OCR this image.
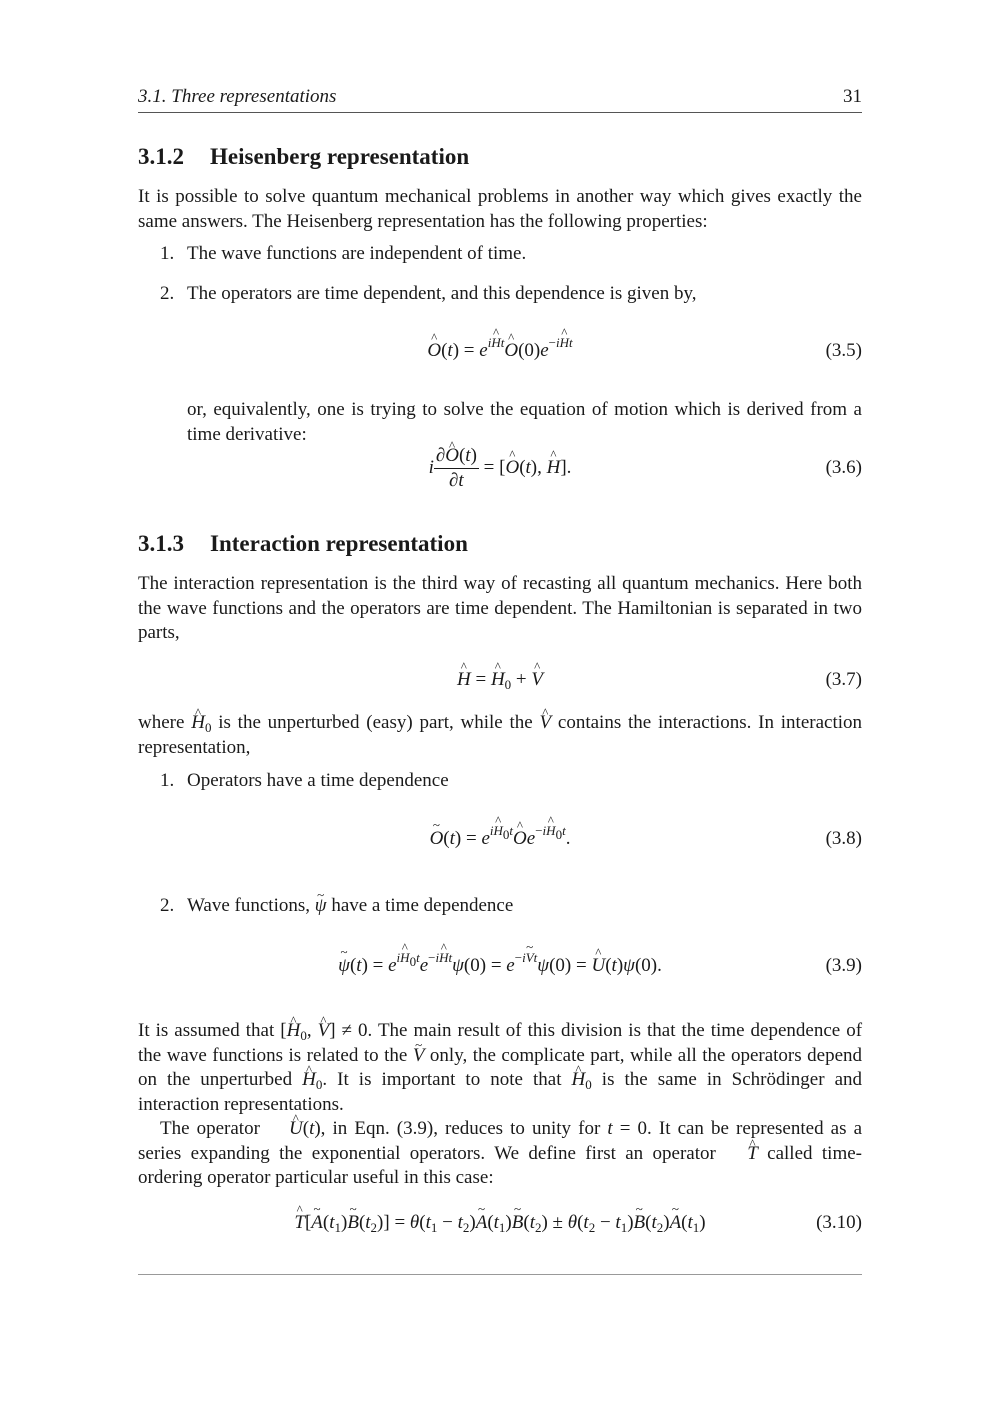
3.1. Three representations	31
3.1.2 Heisenberg representation

It is possible to solve quantum mechanical problems in another way which gives exactly the same answers. The Heisenberg representation has the following properties:

1. The wave functions are independent of time.
2. The operators are time dependent, and this dependence is given by,
O ^(t) = $e^{iHt}O$ $\^{}(0)e^{-iHt}$	(3.5)
or, equivalently, one is trying to solve the equation of motion which is derived from a time derivative:
i $\frac{\partial O \^{}(t)}{\partial t} = [O$ ^(t), H ^].	(3.6)
3.1.3 Interaction representation

The interaction representation is the third way of recasting all quantum mechanics. Here both the wave functions and the operators are time dependent. The Hamiltonian is separated in two parts,

H ^ = H $\^{}_0 + V$ ^	(3.7)

where H $\^{}_0$ is the unperturbed (easy) part, while the V ^ contains the interactions. In interaction representation,

1. Operators have a time dependence
O ~(t) = $e^{iH_0t}O$ $\^{}e^{-iH_0t}$.	(3.8)
2. Wave functions, ψ ~ have a time dependence
ψ ~(t) = $e^{iH_0t}e^{-iHt}\psi(0) = e^{-iVt}\psi(0) = U$ ^(t)ψ(0).	(3.9)

It is assumed that [H $\^{}_0$, V ^] ≠ 0. The main result of this division is that the time dependence of the wave functions is related to the V ~ only, the complicate part, while all the operators depend on the unperturbed H $\^{}_0$. It is important to note that H $\^{}_0$ is the same in Schrödinger and interaction representations.

The operator U ^(t), in Eqn. (3.9), reduces to unity for t = 0. It can be represented as a series expanding the exponential operators. We define first an operator T ^ called time-ordering operator particular useful in this case:

T ^[A $\sim(t_1)B$ $\sim(t_2)] = \theta(t_1 - t_2)A$ $\sim(t_1)B$ $\sim(t_2) \pm \theta(t_2 - t_1)B$ $\sim(t_2)A$ $\sim(t_1)$	(3.10)
